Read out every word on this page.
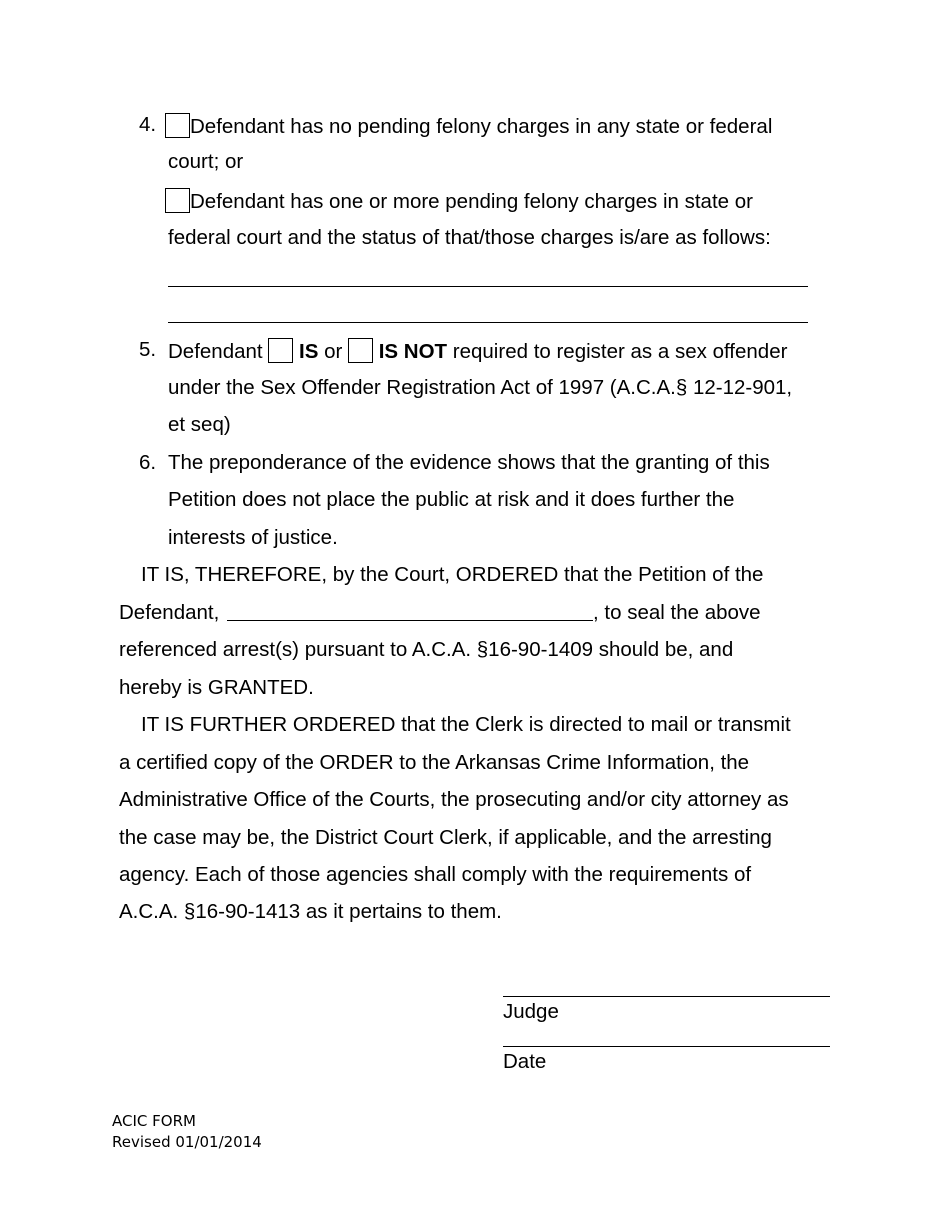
4.	Defendant has no pending felony charges in any state or federal
court; or
Defendant has one or more pending felony charges in state or
federal court and the status of that/those charges is/are as follows:
5. Defendant IS or IS NOT required to register as a sex offender
under the Sex Offender Registration Act of 1997 (A.C.A.§ 12-12-901,
et seq)
6. The preponderance of the evidence shows that the granting of this
Petition does not place the public at risk and it does further the
interests of justice.
IT IS, THEREFORE, by the Court, ORDERED that the Petition of the
Defendant,	, to seal the above
referenced arrest(s) pursuant to A.C.A. §16-90-1409 should be, and
hereby is GRANTED.
IT IS FURTHER ORDERED that the Clerk is directed to mail or transmit
a certified copy of the ORDER to the Arkansas Crime Information, the
Administrative Office of the Courts, the prosecuting and/or city attorney as
the case may be, the District Court Clerk, if applicable, and the arresting
agency. Each of those agencies shall comply with the requirements of
A.C.A. §16-90-1413 as it pertains to them.
Judge
Date
ACIC FORM
Revised 01/01/2014
